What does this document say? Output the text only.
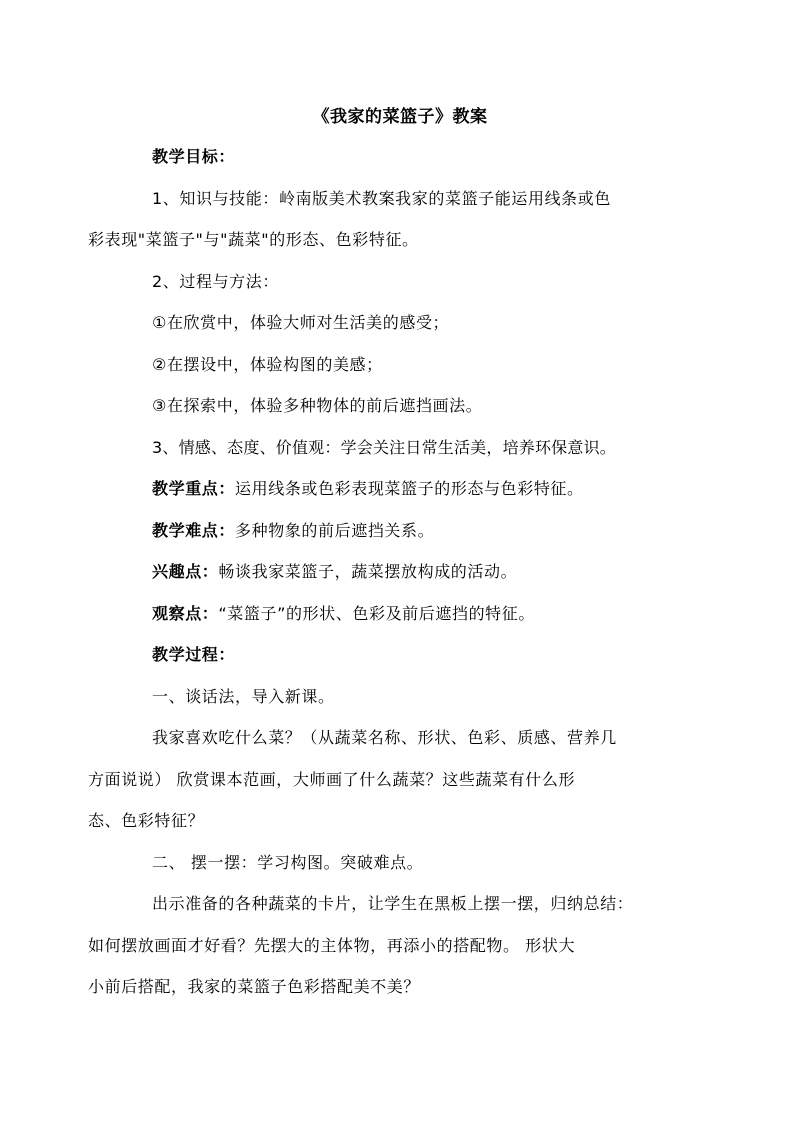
《我家的菜篮子》教案

教学目标：

1、知识与技能：岭南版美术教案我家的菜篮子能运用线条或色
彩表现"菜篮子"与"蔬菜"的形态、色彩特征。

2、过程与方法：

①在欣赏中，体验大师对生活美的感受；

②在摆设中，体验构图的美感；

③在探索中，体验多种物体的前后遮挡画法。

3、情感、态度、价值观：学会关注日常生活美，培养环保意识。

教学重点：运用线条或色彩表现菜篮子的形态与色彩特征。

教学难点：多种物象的前后遮挡关系。

兴趣点：畅谈我家菜篮子，蔬菜摆放构成的活动。

观察点：“菜篮子”的形状、色彩及前后遮挡的特征。

教学过程：

一、谈话法，导入新课。

我家喜欢吃什么菜？（从蔬菜名称、形状、色彩、质感、营养几
方面说说） 欣赏课本范画，大师画了什么蔬菜？这些蔬菜有什么形
态、色彩特征？

二、 摆一摆：学习构图。突破难点。

出示准备的各种蔬菜的卡片，让学生在黑板上摆一摆，归纳总结：
如何摆放画面才好看？先摆大的主体物，再添小的搭配物。 形状大
小前后搭配，我家的菜篮子色彩搭配美不美？
